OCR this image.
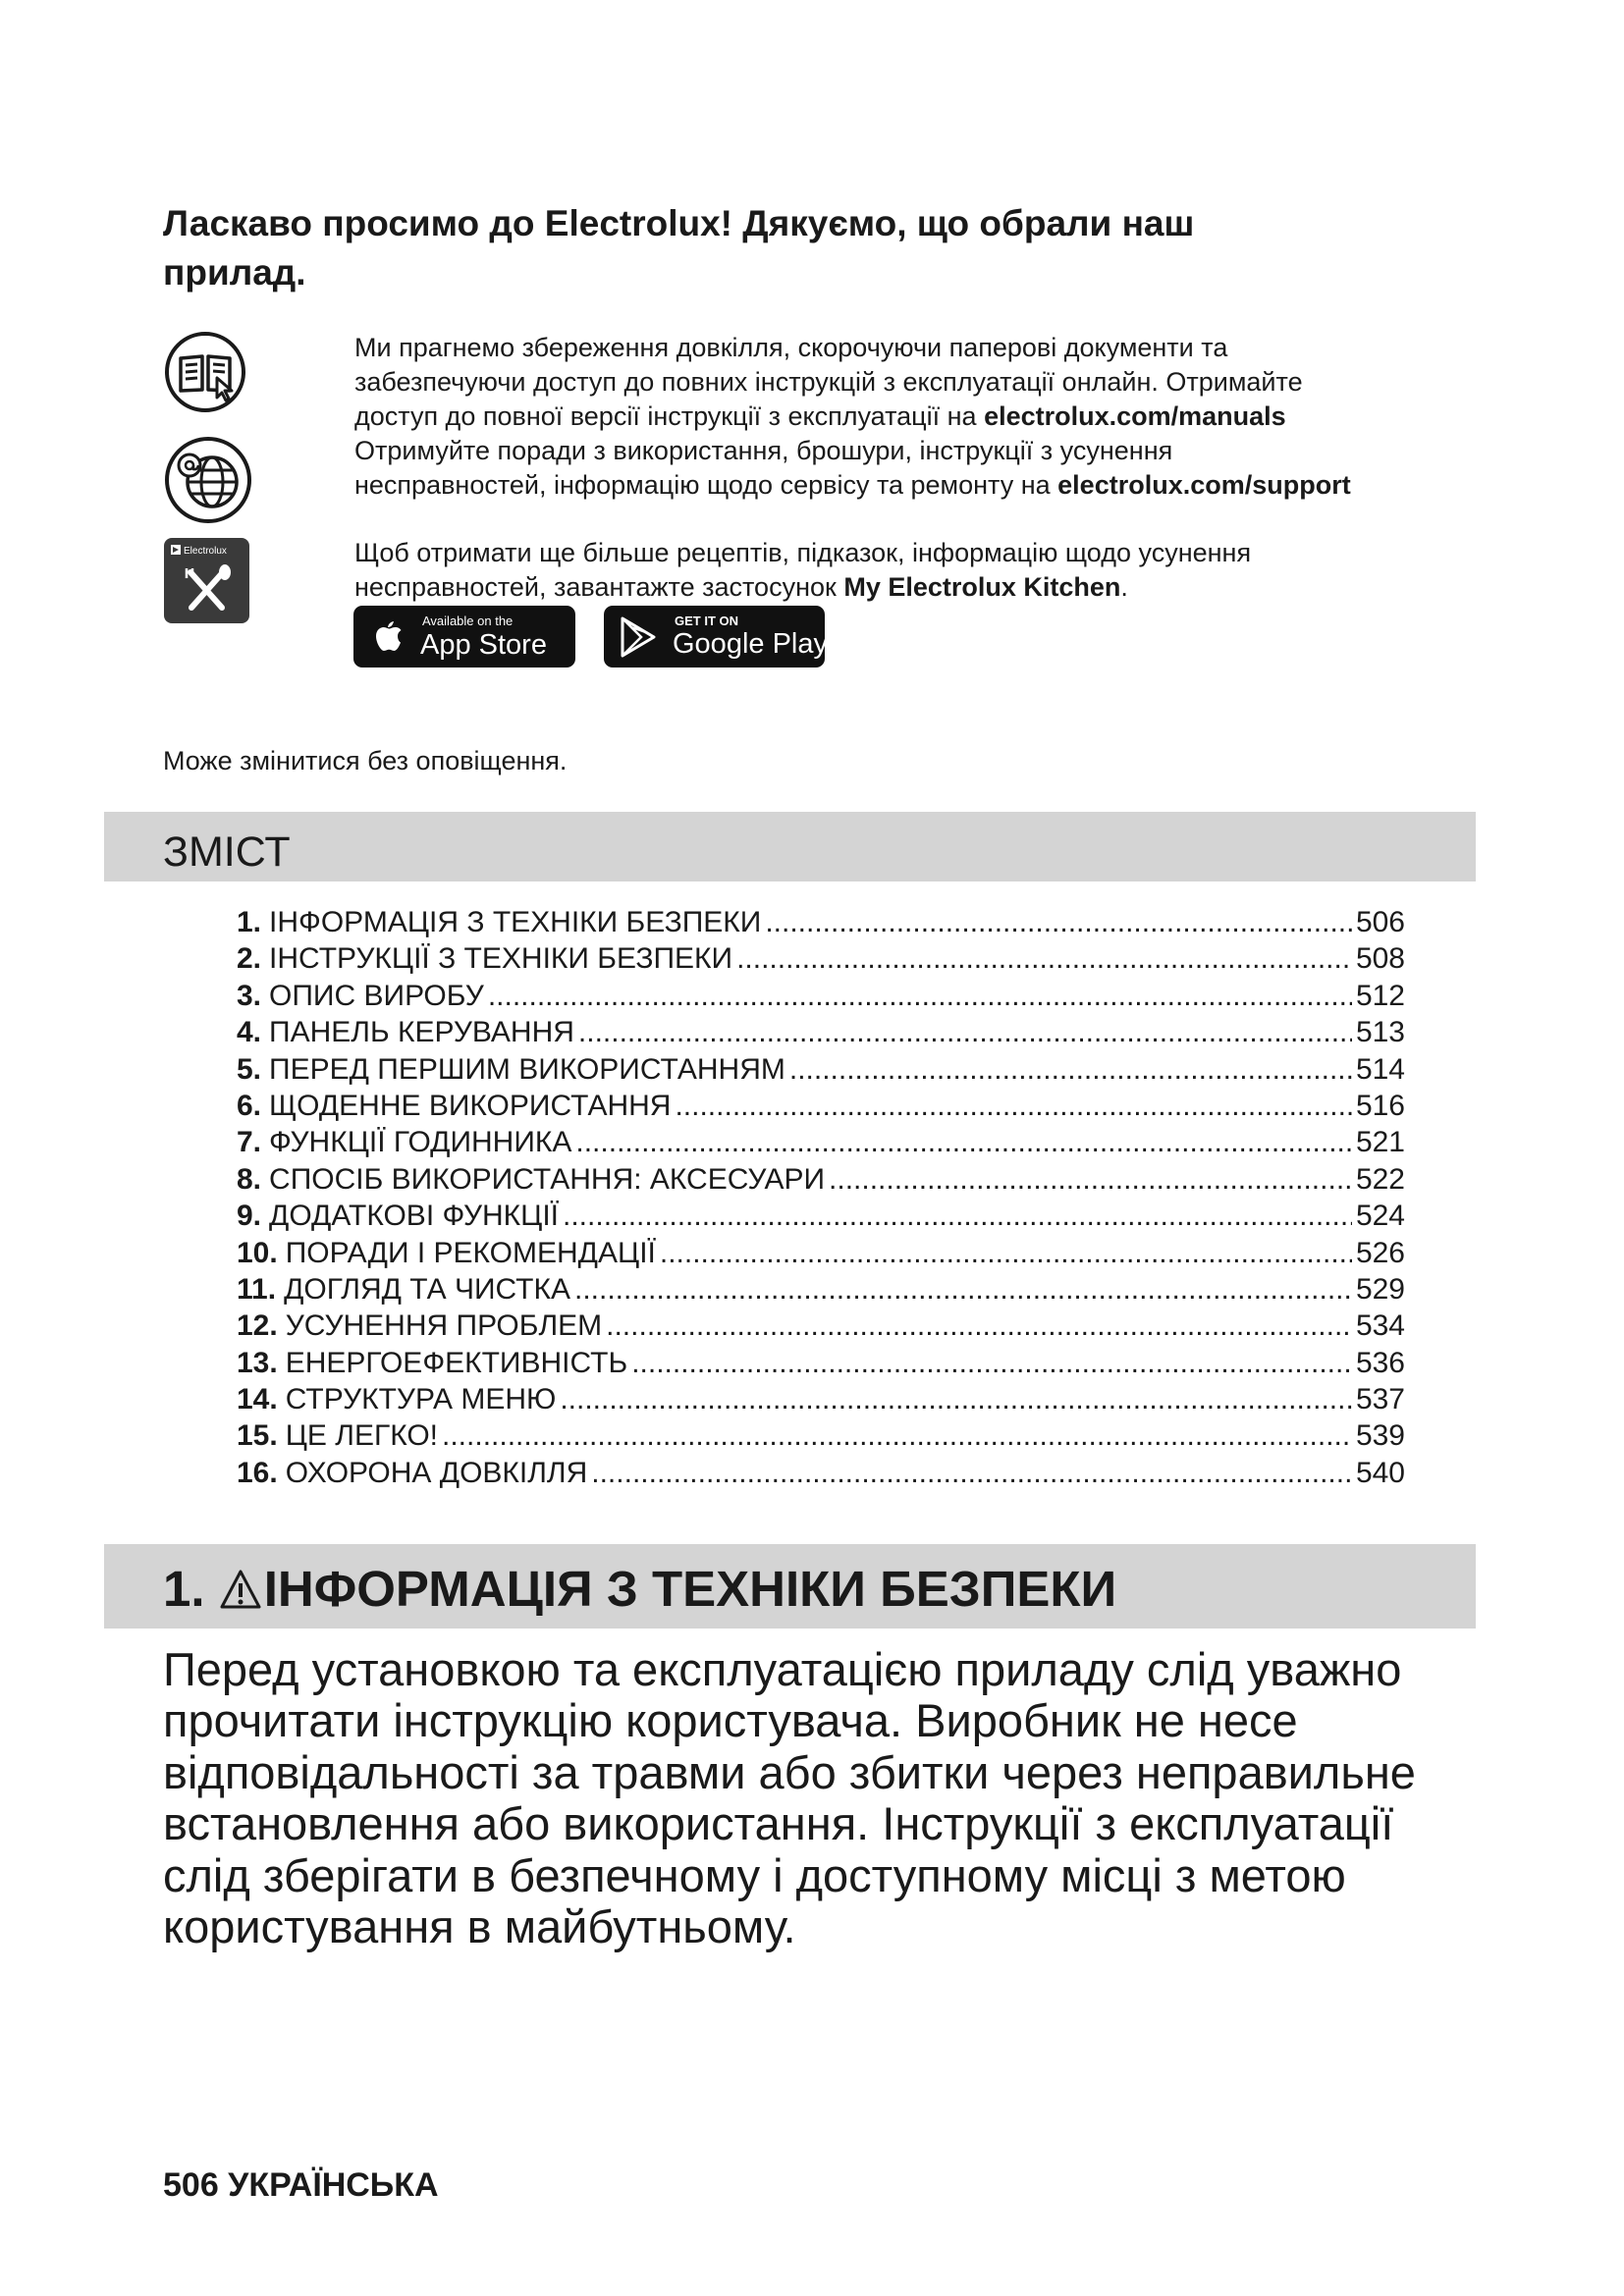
Ласкаво просимо до Electrolux! Дякуємо, що обрали наш
прилад.
Electrolux

Ми прагнемо збереження довкілля, скорочуючи паперові документи та

забезпечуючи доступ до повних інструкцій з експлуатації онлайн. Отримайте

доступ до повної версії інструкції з експлуатації на electrolux.com/manuals

Отримуйте поради з використання, брошури, інструкції з усунення

несправностей, інформацію щодо сервісу та ремонту на electrolux.com/support

Щоб отримати ще більше рецептів, підказок, інформацію щодо усунення

несправностей, завантажте застосунок My Electrolux Kitchen.

Available on the
App Store
GET IT ON
Google Play
Може змінитися без оповіщення.
ЗМІСТ
1. ІНФОРМАЦІЯ З ТЕХНІКИ БЕЗПЕКИ .....	506
2. ІНСТРУКЦІЇ З ТЕХНІКИ БЕЗПЕКИ .....	508
3. ОПИС ВИРОБУ .....	512
4. ПАНЕЛЬ КЕРУВАННЯ .....	513
5. ПЕРЕД ПЕРШИМ ВИКОРИСТАННЯМ .....	514
6. ЩОДЕННЕ ВИКОРИСТАННЯ .....	516
7. ФУНКЦІЇ ГОДИННИКА .....	521
8. СПОСІБ ВИКОРИСТАННЯ: АКСЕСУАРИ .....	522
9. ДОДАТКОВІ ФУНКЦІЇ .....	524
10. ПОРАДИ І РЕКОМЕНДАЦІЇ .....	526
11. ДОГЛЯД ТА ЧИСТКА .....	529
12. УСУНЕННЯ ПРОБЛЕМ .....	534
13. ЕНЕРГОЕФЕКТИВНІСТЬ .....	536
14. СТРУКТУРА МЕНЮ .....	537
15. ЦЕ ЛЕГКО! .....	539
16. ОХОРОНА ДОВКІЛЛЯ .....	540
1. ІНФОРМАЦІЯ З ТЕХНІКИ БЕЗПЕКИ

Перед установкою та експлуатацією приладу слід уважно прочитати інструкцію користувача. Виробник не несе відповідальності за травми або збитки через неправильне встановлення або використання. Інструкції з експлуатації слід зберігати в безпечному і доступному місці з метою користування в майбутньому.

506 УКРАЇНСЬКА
